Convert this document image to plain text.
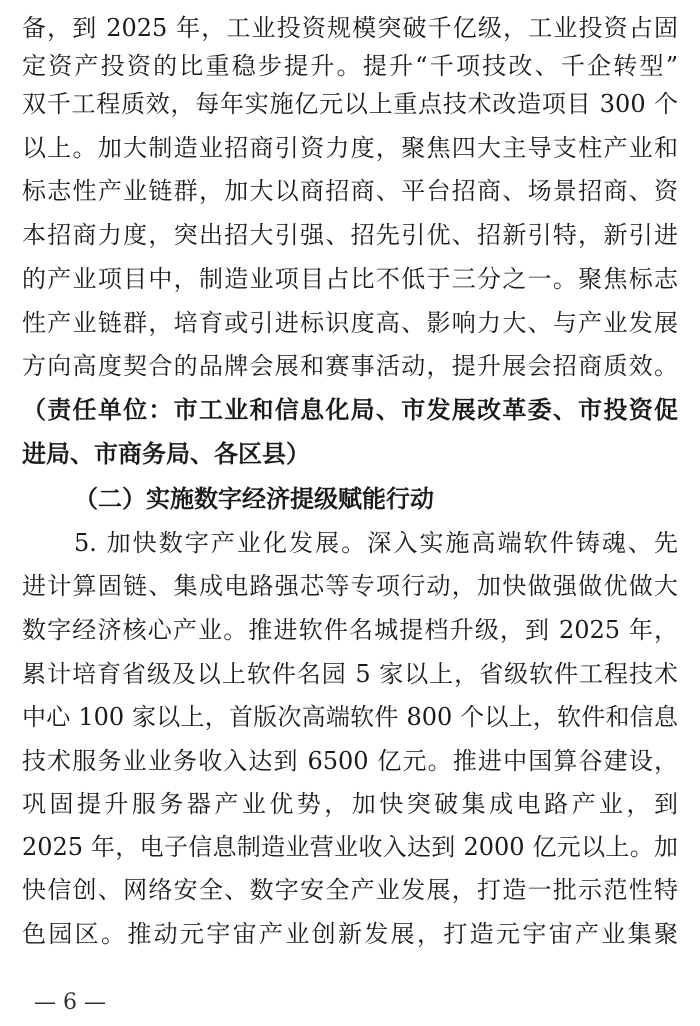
备，到 2025 年，工业投资规模突破千亿级，工业投资占固
定资产投资的比重稳步提升。提升“千项技改、千企转型”
双千工程质效，每年实施亿元以上重点技术改造项目 300 个
以上。加大制造业招商引资力度，聚焦四大主导支柱产业和
标志性产业链群，加大以商招商、平台招商、场景招商、资
本招商力度，突出招大引强、招先引优、招新引特，新引进
的产业项目中，制造业项目占比不低于三分之一。聚焦标志
性产业链群，培育或引进标识度高、影响力大、与产业发展
方向高度契合的品牌会展和赛事活动，提升展会招商质效。
（责任单位：市工业和信息化局、市发展改革委、市投资促
进局、市商务局、各区县）
（二）实施数字经济提级赋能行动
5. 加快数字产业化发展。深入实施高端软件铸魂、先
进计算固链、集成电路强芯等专项行动，加快做强做优做大
数字经济核心产业。推进软件名城提档升级，到 2025 年，
累计培育省级及以上软件名园 5 家以上，省级软件工程技术
中心 100 家以上，首版次高端软件 800 个以上，软件和信息
技术服务业业务收入达到 6500 亿元。推进中国算谷建设，
巩固提升服务器产业优势，加快突破集成电路产业，到
2025 年，电子信息制造业营业收入达到 2000 亿元以上。加
快信创、网络安全、数字安全产业发展，打造一批示范性特
色园区。推动元宇宙产业创新发展，打造元宇宙产业集聚
— 6 —
